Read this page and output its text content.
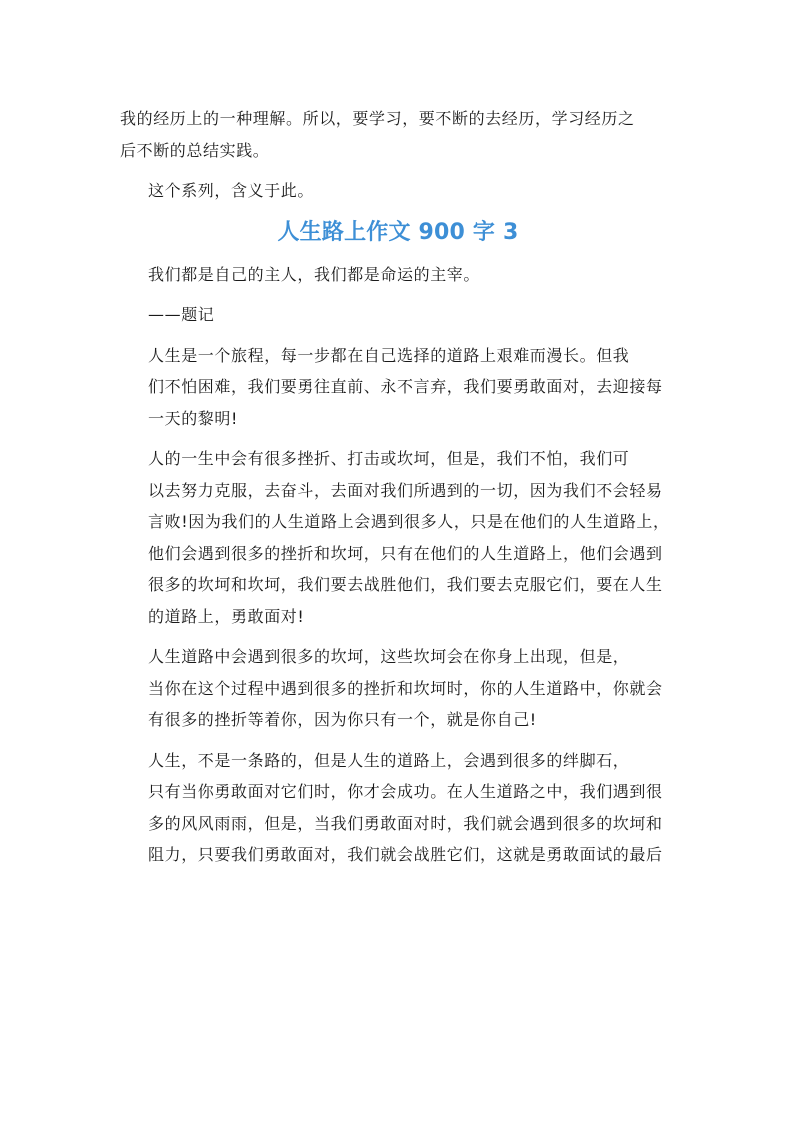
我的经历上的一种理解。所以，要学习，要不断的去经历，学习经历之
后不断的总结实践。

这个系列，含义于此。

人生路上作文 900 字 3

我们都是自己的主人，我们都是命运的主宰。

——题记

人生是一个旅程，每一步都在自己选择的道路上艰难而漫长。但我
们不怕困难，我们要勇往直前、永不言弃，我们要勇敢面对，去迎接每
一天的黎明!

人的一生中会有很多挫折、打击或坎坷，但是，我们不怕，我们可
以去努力克服，去奋斗，去面对我们所遇到的一切，因为我们不会轻易
言败!因为我们的人生道路上会遇到很多人，只是在他们的人生道路上，
他们会遇到很多的挫折和坎坷，只有在他们的人生道路上，他们会遇到
很多的坎坷和坎坷，我们要去战胜他们，我们要去克服它们，要在人生
的道路上，勇敢面对!

人生道路中会遇到很多的坎坷，这些坎坷会在你身上出现，但是，
当你在这个过程中遇到很多的挫折和坎坷时，你的人生道路中，你就会
有很多的挫折等着你，因为你只有一个，就是你自己!

人生，不是一条路的，但是人生的道路上，会遇到很多的绊脚石，
只有当你勇敢面对它们时，你才会成功。在人生道路之中，我们遇到很
多的风风雨雨，但是，当我们勇敢面对时，我们就会遇到很多的坎坷和
阻力，只要我们勇敢面对，我们就会战胜它们，这就是勇敢面试的最后
